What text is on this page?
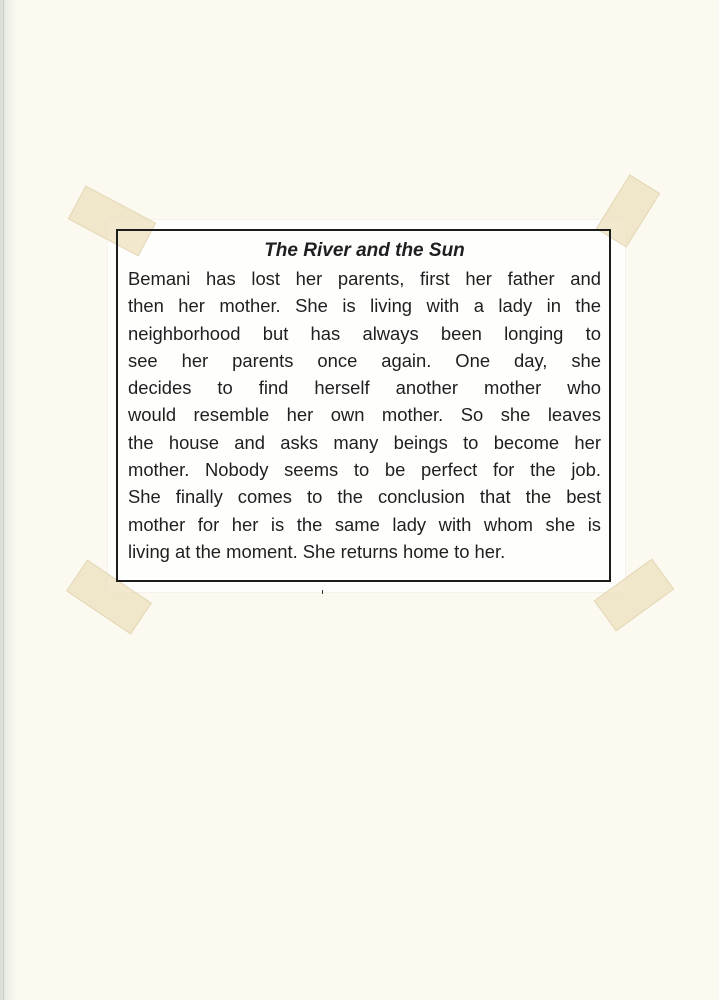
The River and the Sun

Bemani has lost her parents, first her father and
then her mother. She is living with a lady in the
neighborhood but has always been longing to
see her parents once again. One day, she
decides to find herself another mother who
would resemble her own mother. So she leaves
the house and asks many beings to become her
mother. Nobody seems to be perfect for the job.
She finally comes to the conclusion that the best
mother for her is the same lady with whom she is
living at the moment. She returns home to her.
